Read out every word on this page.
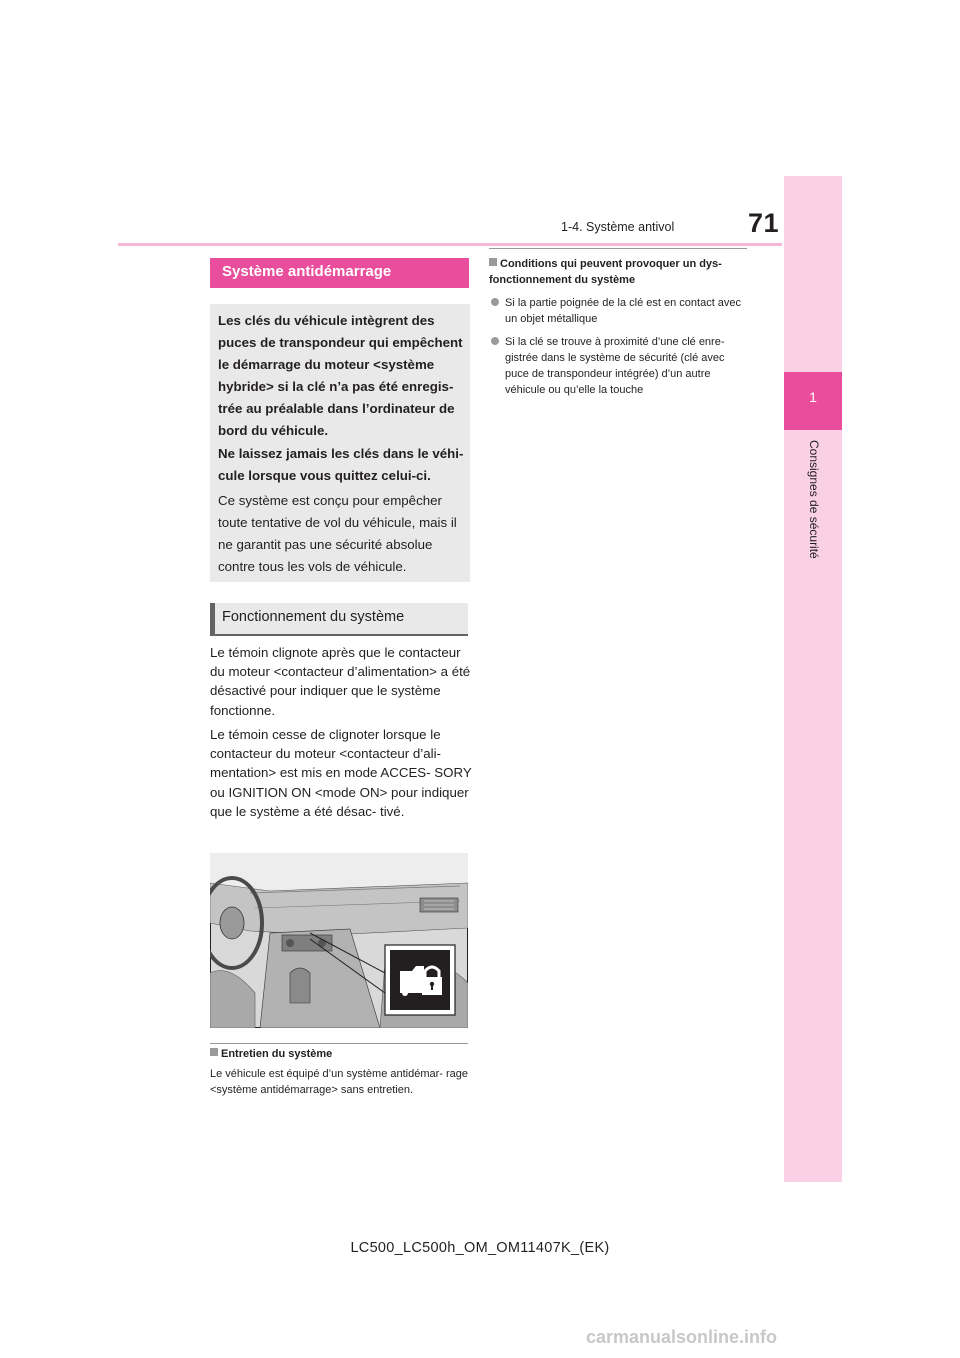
71
1-4. Système antivol
1
Consignes de sécurité
Système antidémarrage

Les clés du véhicule intègrent des puces de transpondeur qui empêchent le démarrage du moteur <système hybride> si la clé n’a pas été enregis- trée au préalable dans l’ordinateur de bord du véhicule.

Ne laissez jamais les clés dans le véhi- cule lorsque vous quittez celui-ci.

Ce système est conçu pour empêcher toute tentative de vol du véhicule, mais il ne garantit pas une sécurité absolue contre tous les vols de véhicule.

Fonctionnement du système

Le témoin clignote après que le contacteur du moteur <contacteur d’alimentation> a été désactivé pour indiquer que le système fonctionne.

Le témoin cesse de clignoter lorsque le contacteur du moteur <contacteur d’ali- mentation> est mis en mode ACCES- SORY ou IGNITION ON <mode ON> pour indiquer que le système a été désac- tivé.

Entretien du système

Le véhicule est équipé d’un système antidémar- rage <système antidémarrage> sans entretien.

Conditions qui peuvent provoquer un dys- fonctionnement du système

Si la partie poignée de la clé est en contact avec un objet métallique

Si la clé se trouve à proximité d’une clé enre- gistrée dans le système de sécurité (clé avec puce de transpondeur intégrée) d’un autre véhicule ou qu’elle la touche

LC500_LC500h_OM_OM11407K_(EK)
carmanualsonline.info
